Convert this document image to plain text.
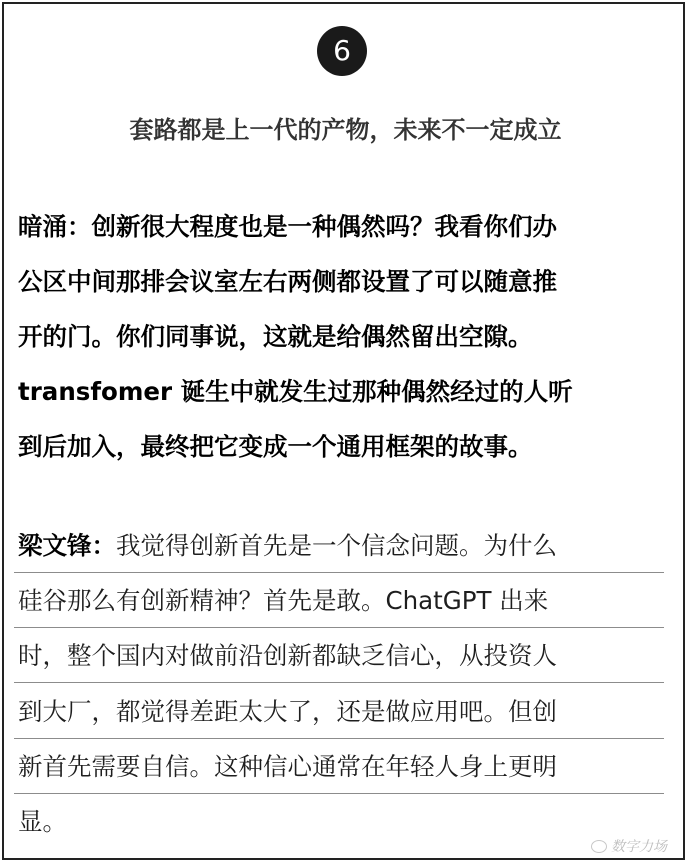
6
套路都是上一代的产物，未来不一定成立
暗涌：创新很大程度也是一种偶然吗？我看你们办
公区中间那排会议室左右两侧都设置了可以随意推
开的门。你们同事说，这就是给偶然留出空隙。
transfomer 诞生中就发生过那种偶然经过的人听
到后加入，最终把它变成一个通用框架的故事。
梁文锋：我觉得创新首先是一个信念问题。为什么
硅谷那么有创新精神？首先是敢。ChatGPT 出来
时，整个国内对做前沿创新都缺乏信心，从投资人
到大厂，都觉得差距太大了，还是做应用吧。但创
新首先需要自信。这种信心通常在年轻人身上更明
显。
数字力场
